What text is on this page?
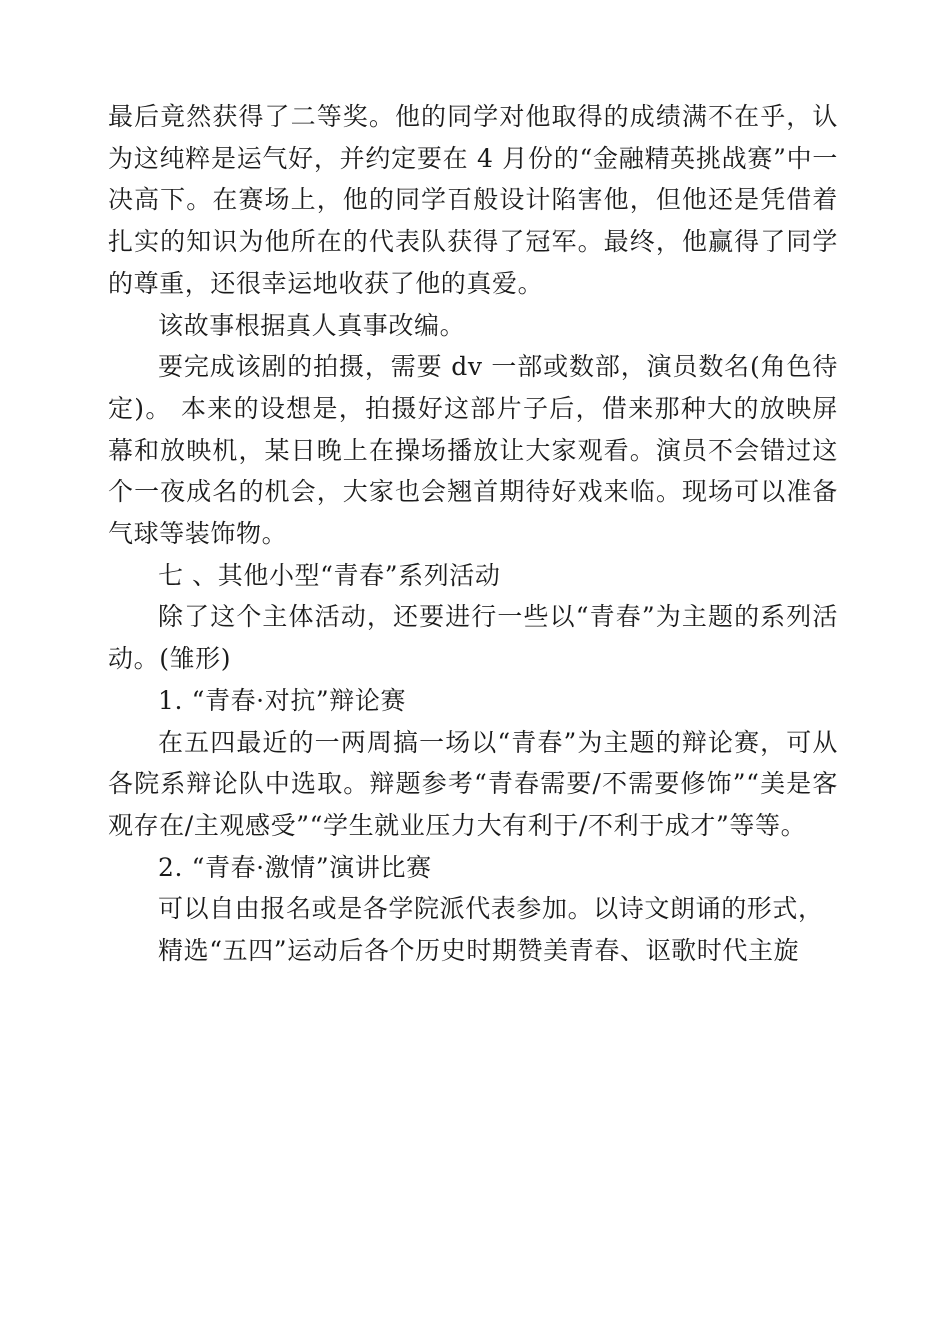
最后竟然获得了二等奖。他的同学对他取得的成绩满不在乎，认为这纯粹是运气好，并约定要在 4 月份的“金融精英挑战赛”中一决高下。在赛场上，他的同学百般设计陷害他，但他还是凭借着扎实的知识为他所在的代表队获得了冠军。最终，他赢得了同学的尊重，还很幸运地收获了他的真爱。

该故事根据真人真事改编。

要完成该剧的拍摄，需要 dv 一部或数部，演员数名(角色待定)。 本来的设想是，拍摄好这部片子后，借来那种大的放映屏幕和放映机，某日晚上在操场播放让大家观看。演员不会错过这个一夜成名的机会，大家也会翘首期待好戏来临。现场可以准备气球等装饰物。

七 、其他小型“青春”系列活动

除了这个主体活动，还要进行一些以“青春”为主题的系列活动。(雏形)

1. “青春·对抗”辩论赛

在五四最近的一两周搞一场以“青春”为主题的辩论赛，可从各院系辩论队中选取。辩题参考“青春需要/不需要修饰”“美是客观存在/主观感受”“学生就业压力大有利于/不利于成才”等等。

2. “青春·激情”演讲比赛

可以自由报名或是各学院派代表参加。以诗文朗诵的形式，

精选“五四”运动后各个历史时期赞美青春、讴歌时代主旋
